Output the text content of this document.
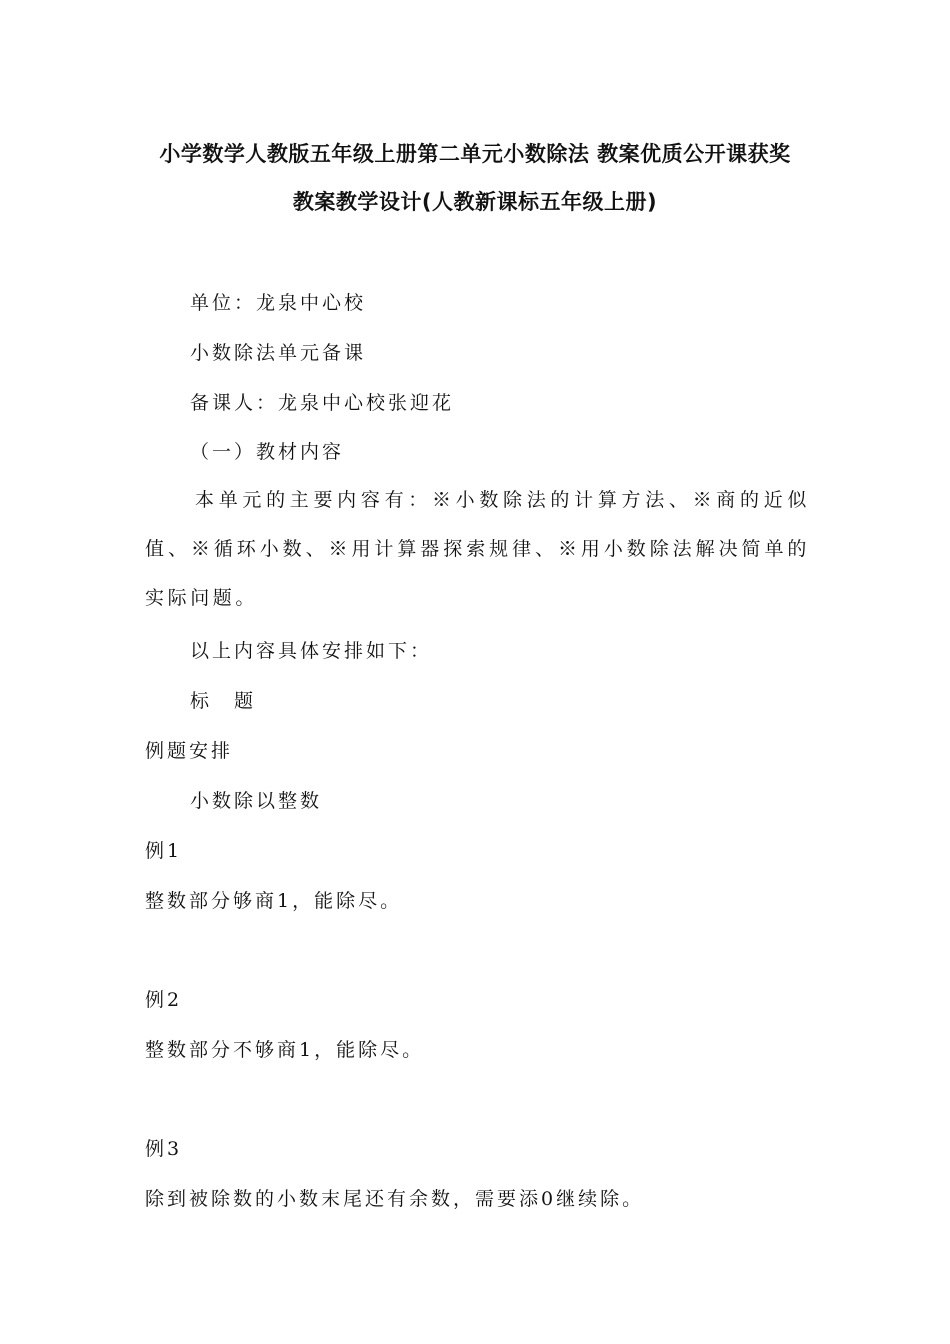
小学数学人教版五年级上册第二单元小数除法 教案优质公开课获奖
教案教学设计(人教新课标五年级上册)
单位：龙泉中心校
小数除法单元备课
备课人：龙泉中心校张迎花
（一）教材内容
本单元的主要内容有：※小数除法的计算方法、※商的近似值、※循环小数、※用计算器探索规律、※用小数除法解决简单的实际问题。
以上内容具体安排如下：
标　题
例题安排
小数除以整数
例1
整数部分够商1，能除尽。
例2
整数部分不够商1，能除尽。
例3
除到被除数的小数末尾还有余数，需要添0继续除。
